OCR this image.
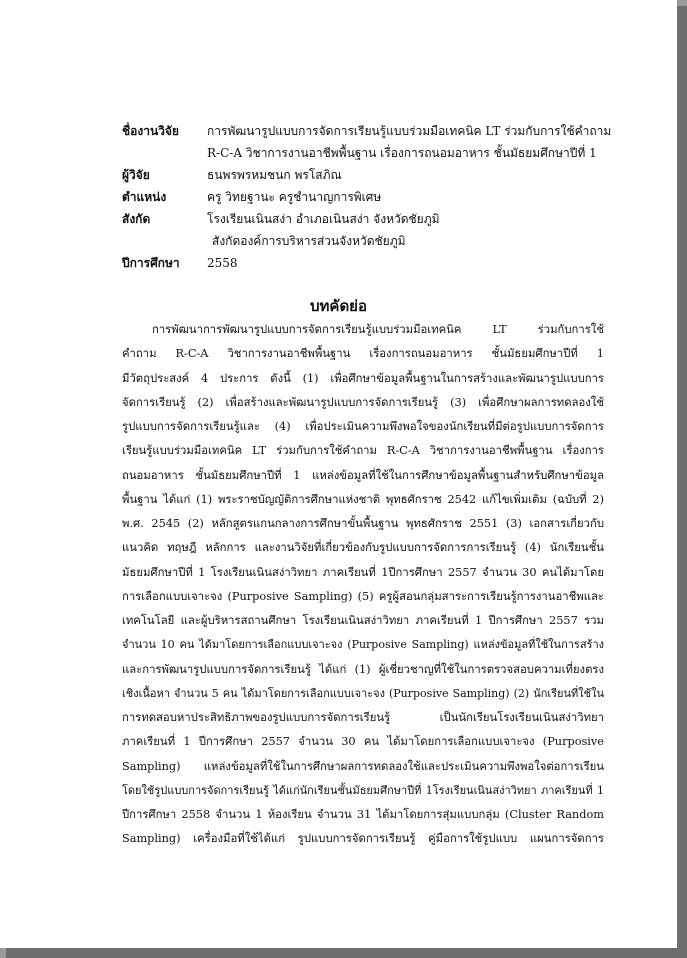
ชื่องานวิจัย	การพัฒนารูปแบบการจัดการเรียนรู้แบบร่วมมือเทคนิค LT ร่วมกับการใช้คำถาม
R-C-A วิชาการงานอาชีพพื้นฐาน เรื่องการถนอมอาหาร ชั้นมัธยมศึกษาปีที่ 1
ผู้วิจัย	ธนพรพรหมชนก พรโสภิณ
ตำแหน่ง	ครู วิทยฐานะ ครูชำนาญการพิเศษ
สังกัด	โรงเรียนเนินสง่า อำเภอเนินสง่า จังหวัดชัยภูมิ
สังกัดองค์การบริหารส่วนจังหวัดชัยภูมิ
ปีการศึกษา	2558
บทคัดย่อ
การพัฒนาการพัฒนารูปแบบการจัดการเรียนรู้แบบร่วมมือเทคนิค LT ร่วมกับการใช้
คำถาม R-C-A วิชาการงานอาชีพพื้นฐาน เรื่องการถนอมอาหาร ชั้นมัธยมศึกษาปีที่ 1
มีวัตถุประสงค์ 4 ประการ ดังนี้ (1) เพื่อศึกษาข้อมูลพื้นฐานในการสร้างและพัฒนารูปแบบการ
จัดการเรียนรู้ (2) เพื่อสร้างและพัฒนารูปแบบการจัดการเรียนรู้ (3) เพื่อศึกษาผลการทดลองใช้
รูปแบบการจัดการเรียนรู้และ (4) เพื่อประเมินความพึงพอใจของนักเรียนที่มีต่อรูปแบบการจัดการ
เรียนรู้แบบร่วมมือเทคนิค LT ร่วมกับการใช้คำถาม R-C-A วิชาการงานอาชีพพื้นฐาน เรื่องการ
ถนอมอาหาร ชั้นมัธยมศึกษาปีที่ 1 แหล่งข้อมูลที่ใช้ในการศึกษาข้อมูลพื้นฐานสำหรับศึกษาข้อมูล
พื้นฐาน ได้แก่ (1) พระราชบัญญัติการศึกษาแห่งชาติ พุทธศักราช 2542 แก้ไขเพิ่มเติม (ฉบับที่ 2)
พ.ศ. 2545 (2) หลักสูตรแกนกลางการศึกษาขั้นพื้นฐาน พุทธศักราช 2551 (3) เอกสารเกี่ยวกับ
แนวคิด ทฤษฎี หลักการ และงานวิจัยที่เกี่ยวข้องกับรูปแบบการจัดการการเรียนรู้ (4) นักเรียนชั้น
มัธยมศึกษาปีที่ 1 โรงเรียนเนินสง่าวิทยา ภาคเรียนที่ 1ปีการศึกษา 2557 จำนวน 30 คนได้มาโดย
การเลือกแบบเจาะจง (Purposive Sampling) (5) ครูผู้สอนกลุ่มสาระการเรียนรู้การงานอาชีพและ
เทคโนโลยี และผู้บริหารสถานศึกษา โรงเรียนเนินสง่าวิทยา ภาคเรียนที่ 1 ปีการศึกษา 2557 รวม
จำนวน 10 คน ได้มาโดยการเลือกแบบเจาะจง (Purposive Sampling) แหล่งข้อมูลที่ใช้ในการสร้าง
และการพัฒนารูปแบบการจัดการเรียนรู้ ได้แก่ (1) ผู้เชี่ยวชาญที่ใช้ในการตรวจสอบความเที่ยงตรง
เชิงเนื้อหา จำนวน 5 คน ได้มาโดยการเลือกแบบเจาะจง (Purposive Sampling) (2) นักเรียนที่ใช้ใน
การทดสอบหาประสิทธิภาพของรูปแบบการจัดการเรียนรู้ เป็นนักเรียนโรงเรียนเนินสง่าวิทยา
ภาคเรียนที่ 1 ปีการศึกษา 2557 จำนวน 30 คน ได้มาโดยการเลือกแบบเจาะจง (Purposive
Sampling) แหล่งข้อมูลที่ใช้ในการศึกษาผลการทดลองใช้และประเมินความพึงพอใจต่อการเรียน
โดยใช้รูปแบบการจัดการเรียนรู้ ได้แก่นักเรียนชั้นมัธยมศึกษาปีที่ 1โรงเรียนเนินสง่าวิทยา ภาคเรียนที่ 1
ปีการศึกษา 2558 จำนวน 1 ห้องเรียน จำนวน 31 ได้มาโดยการสุ่มแบบกลุ่ม (Cluster Random
Sampling) เครื่องมือที่ใช้ได้แก่ รูปแบบการจัดการเรียนรู้ คู่มือการใช้รูปแบบ แผนการจัดการ
